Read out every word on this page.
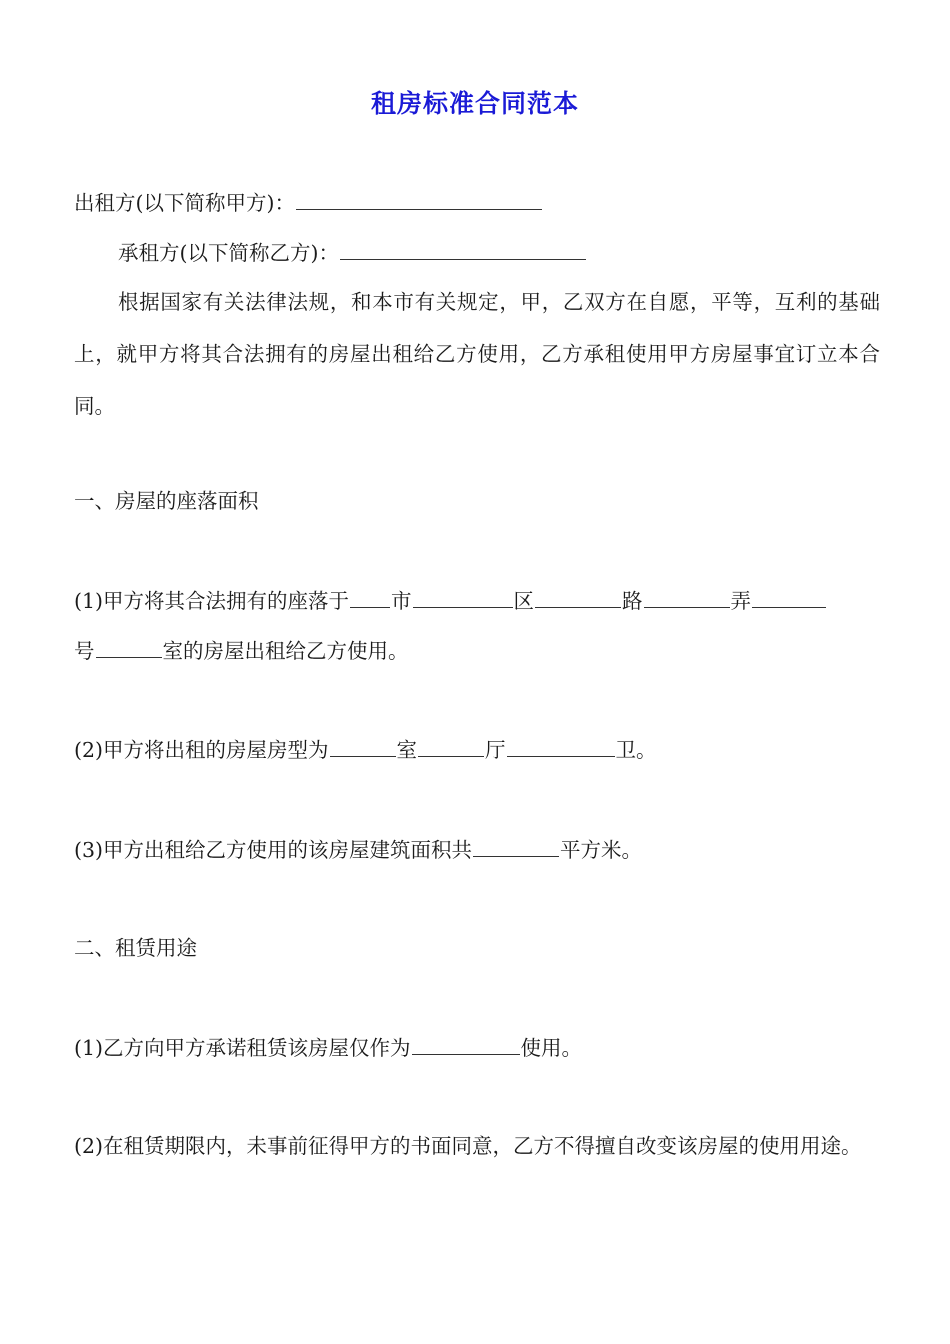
租房标准合同范本
出租方(以下简称甲方)：
承租方(以下简称乙方)：
根据国家有关法律法规，和本市有关规定，甲，乙双方在自愿，平等，互利的基础上，就甲方将其合法拥有的房屋出租给乙方使用，乙方承租使用甲方房屋事宜订立本合同。
一、房屋的座落面积
(1)甲方将其合法拥有的座落于 市	区	路	弄
号	室的房屋出租给乙方使用。
(2)甲方将出租的房屋房型为	室	厅	卫。
(3)甲方出租给乙方使用的该房屋建筑面积共	平方米。
二、租赁用途
(1)乙方向甲方承诺租赁该房屋仅作为	使用。
(2)在租赁期限内，未事前征得甲方的书面同意，乙方不得擅自改变该房屋的使用用途。
